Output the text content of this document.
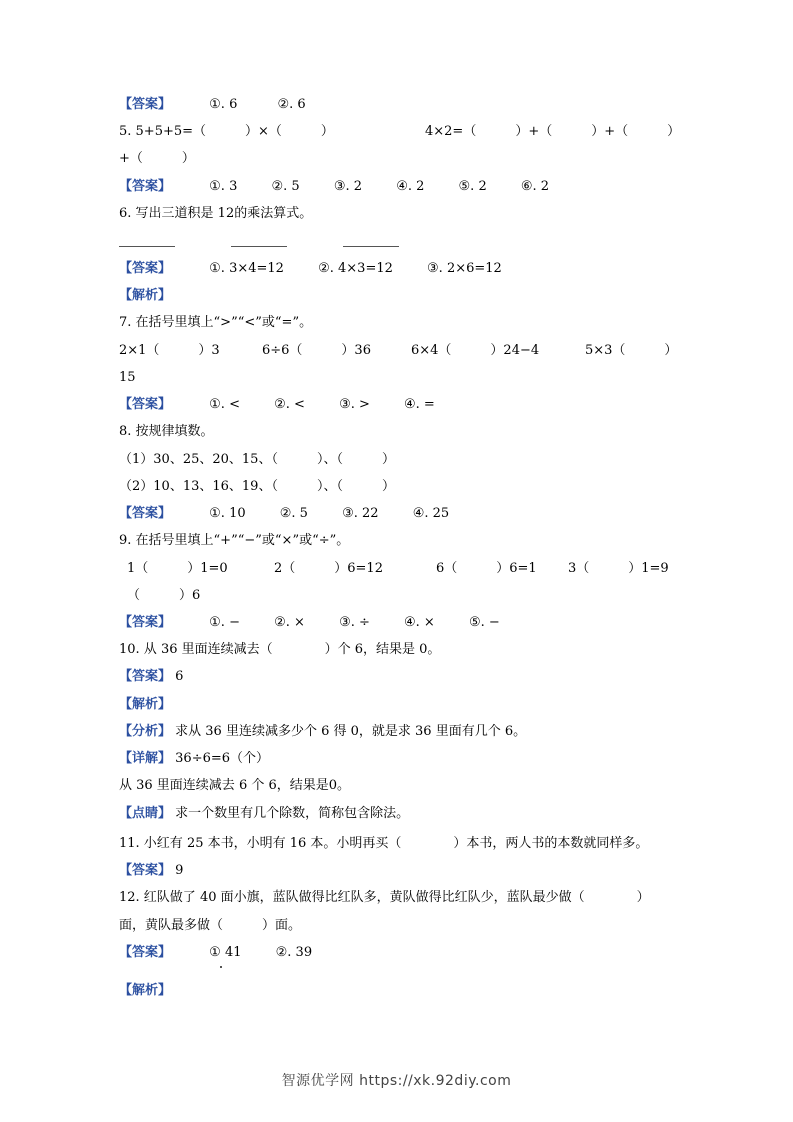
【答案】	①. 6	②. 6
5. 5+5+5=（　　　）×（　　　）	4×2=（　　　）+（　　　）+（　　　）
+（　　　）
【答案】	①. 3	②. 5	③. 2	④. 2	⑤. 2	⑥. 2
6. 写出三道积是 12的乘法算式。
【答案】	①. 3×4=12	②. 4×3=12	③. 2×6=12
【解析】
7. 在括号里填上“>”“<”或“=”。
2×1（　　　）3	6÷6（　　　）36	6×4（　　　）24−4	5×3（　　　）
15
【答案】	①. <	②. <	③. >	④. =
8. 按规律填数。
（1）30、25、20、15、（　　　）、（　　　）
（2）10、13、16、19、（　　　）、（　　　）
【答案】	①. 10	②. 5	③. 22	④. 25
9. 在括号里填上“+”“−”或“×”或“÷”。
1（　　　）1=0	2（　　　）6=12	6（　　　）6=1 3（　　　）1=9
（　　　）6
【答案】	①. −	②. ×	③. ÷	④. ×	⑤. −
10. 从 36 里面连续减去（　　　　）个 6，结果是 0。
【答案】 6
【解析】
【分析】 求从 36 里连续减多少个 6 得 0，就是求 36 里面有几个 6。
【详解】 36÷6=6（个）
从 36 里面连续减去 6 个 6，结果是0。
【点睛】 求一个数里有几个除数，简称包含除法。
11. 小红有 25 本书，小明有 16 本。小明再买（　　　　）本书，两人书的本数就同样多。
【答案】 9
12. 红队做了 40 面小旗，蓝队做得比红队多，黄队做得比红队少，蓝队最少做（　　　　）
面，黄队最多做（　　　）面。
【答案】	① 41	②. 39
【解析】
智源优学网 https://xk.92diy.com
